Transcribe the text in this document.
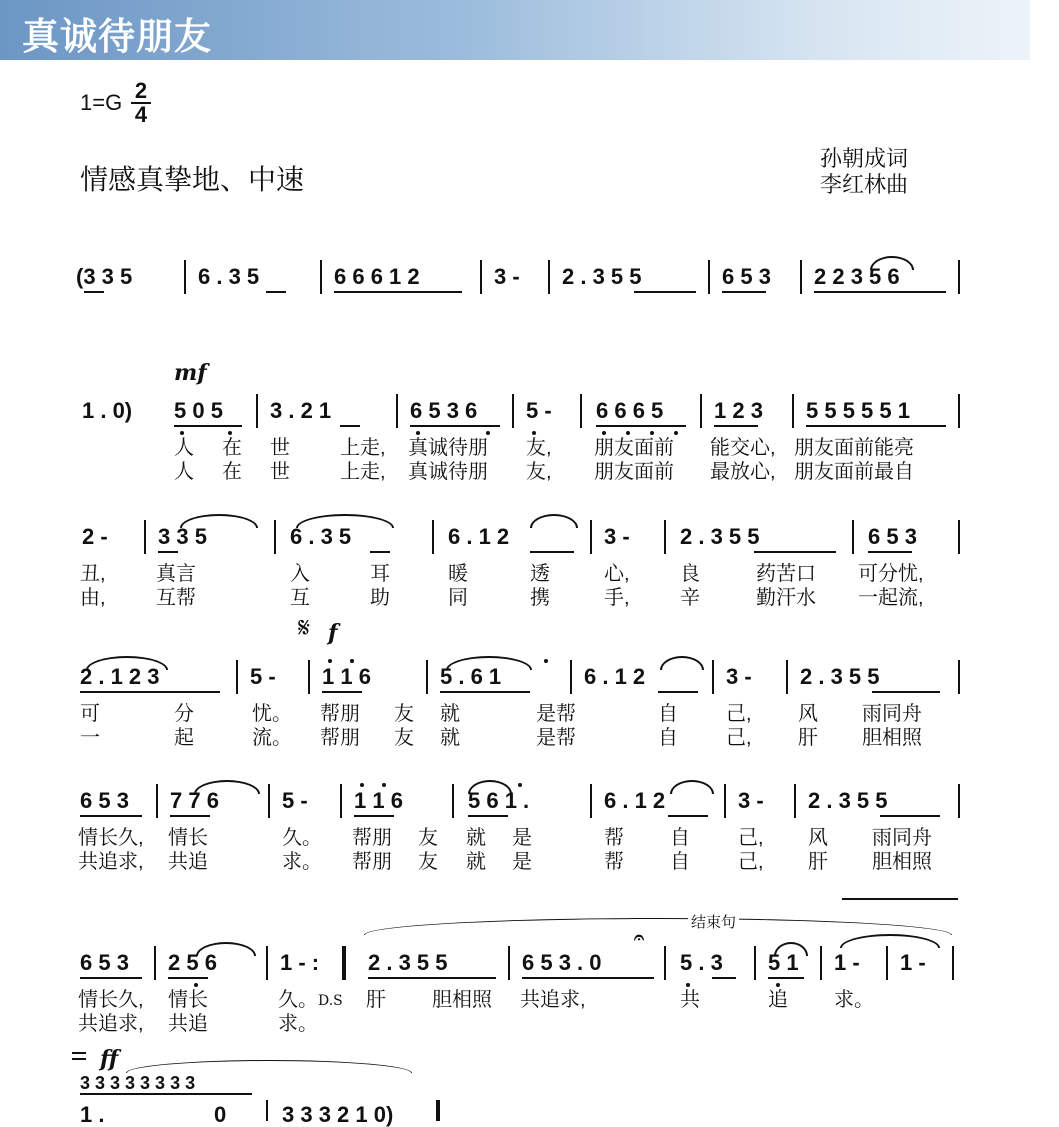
真诚待朋友
1=G 2
4
情感真挚地、中速
孙朝成词
李红林曲
(3 3 5	6 . 3 5	6 6 6 1 2	3 - 2 . 3 5 5	6 5 3 2 2 3 5 6
mf
1 . 0) 5 0 5 3 . 2 1	6 5 3 6 5 - 6 6 6 5 1 2 3 5 5 5 5 5 1
人 在 世	上走, 真诚待朋 友, 朋友面前 能交心, 朋友面前能亮
人 在 世	上走, 真诚待朋 友, 朋友面前 最放心, 朋友面前最自
2 - 3 3 5	6 . 3 5	6 . 1 2	3 - 2 . 3 5 5	6 5 3
丑,	真言	入	耳	暖	透	心,	良	药苦口 可分忧,
由,	互帮	互	助	同	携	手,	辛	勤汗水 一起流,
𝄋 f
2 . 1 2 3	5 - 1 1 6	5 . 6 1	6 . 1 2	3 - 2 . 3 5 5
可	分	忧。 帮朋 友 就	是帮	自 己, 风 雨同舟
一	起	流。 帮朋 友 就	是帮	自 己, 肝 胆相照
6 5 3 7 7 6	5 - 1 1 6	5 6 1 .	6 . 1 2	3 - 2 . 3 5 5
情长久, 情长	久。 帮朋 友 就 是	帮 自 己, 风 雨同舟
共追求, 共追	求。 帮朋 友 就 是	帮 自 己, 肝 胆相照
结束句
6 5 3 2 5 6	1 - : 2 . 3 5 5	6 5 3 . 0	5 . 3 5 1 1 - 1 -
𝄐
情长久, 情长	久。 D.S 肝 胆相照 共追求,	共	追 求。
共追求, 共追	求。
ff
3 3 3 3 3 3 3 3
1 .	0	3 3 3 2 1 0)
